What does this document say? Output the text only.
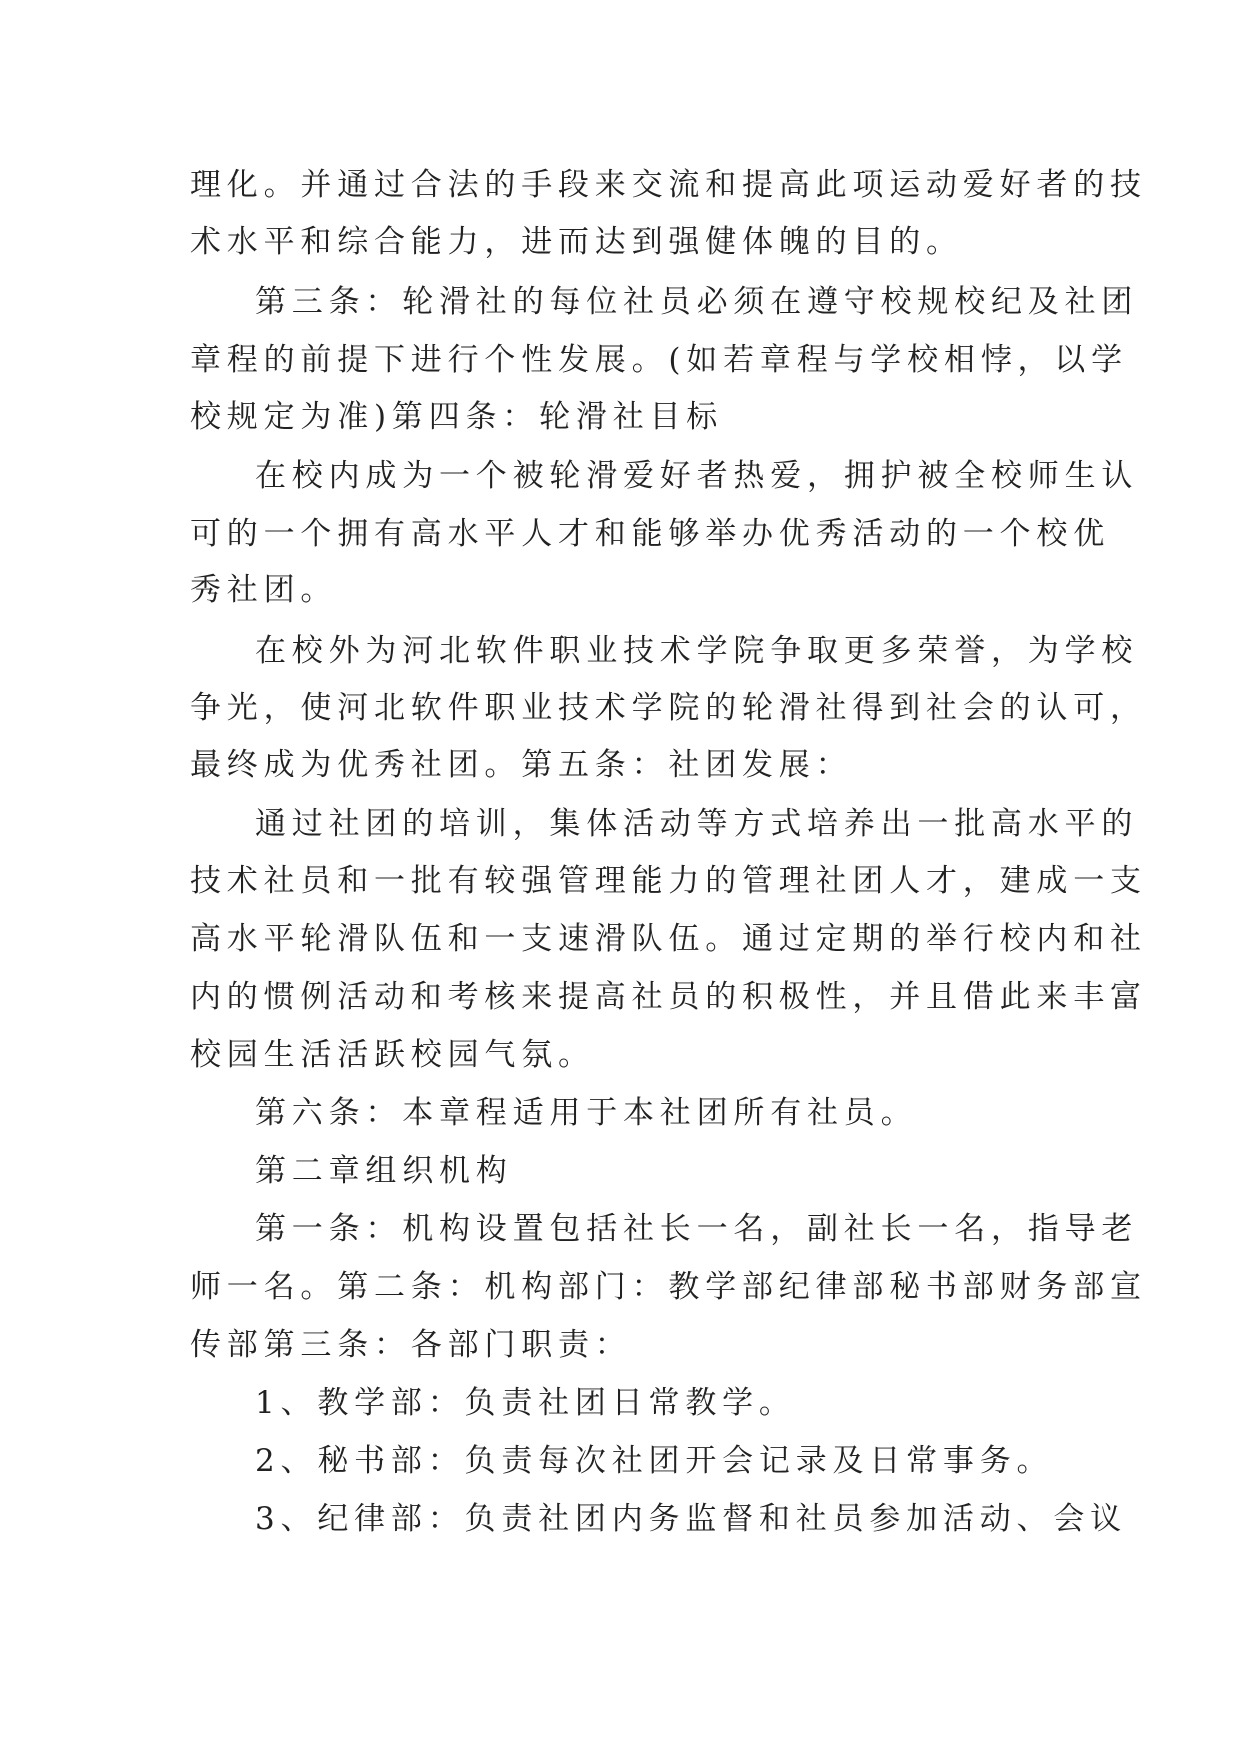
理化。并通过合法的手段来交流和提高此项运动爱好者的技
术水平和综合能力，进而达到强健体魄的目的。
第三条：轮滑社的每位社员必须在遵守校规校纪及社团
章程的前提下进行个性发展。(如若章程与学校相悖，以学
校规定为准)第四条：轮滑社目标
在校内成为一个被轮滑爱好者热爱，拥护被全校师生认
可的一个拥有高水平人才和能够举办优秀活动的一个校优
秀社团。
在校外为河北软件职业技术学院争取更多荣誉，为学校
争光，使河北软件职业技术学院的轮滑社得到社会的认可，
最终成为优秀社团。第五条：社团发展：
通过社团的培训，集体活动等方式培养出一批高水平的
技术社员和一批有较强管理能力的管理社团人才，建成一支
高水平轮滑队伍和一支速滑队伍。通过定期的举行校内和社
内的惯例活动和考核来提高社员的积极性，并且借此来丰富
校园生活活跃校园气氛。
第六条：本章程适用于本社团所有社员。
第二章组织机构
第一条：机构设置包括社长一名，副社长一名，指导老
师一名。第二条：机构部门：教学部纪律部秘书部财务部宣
传部第三条：各部门职责：
1、教学部：负责社团日常教学。
2、秘书部：负责每次社团开会记录及日常事务。
3、纪律部：负责社团内务监督和社员参加活动、会议
